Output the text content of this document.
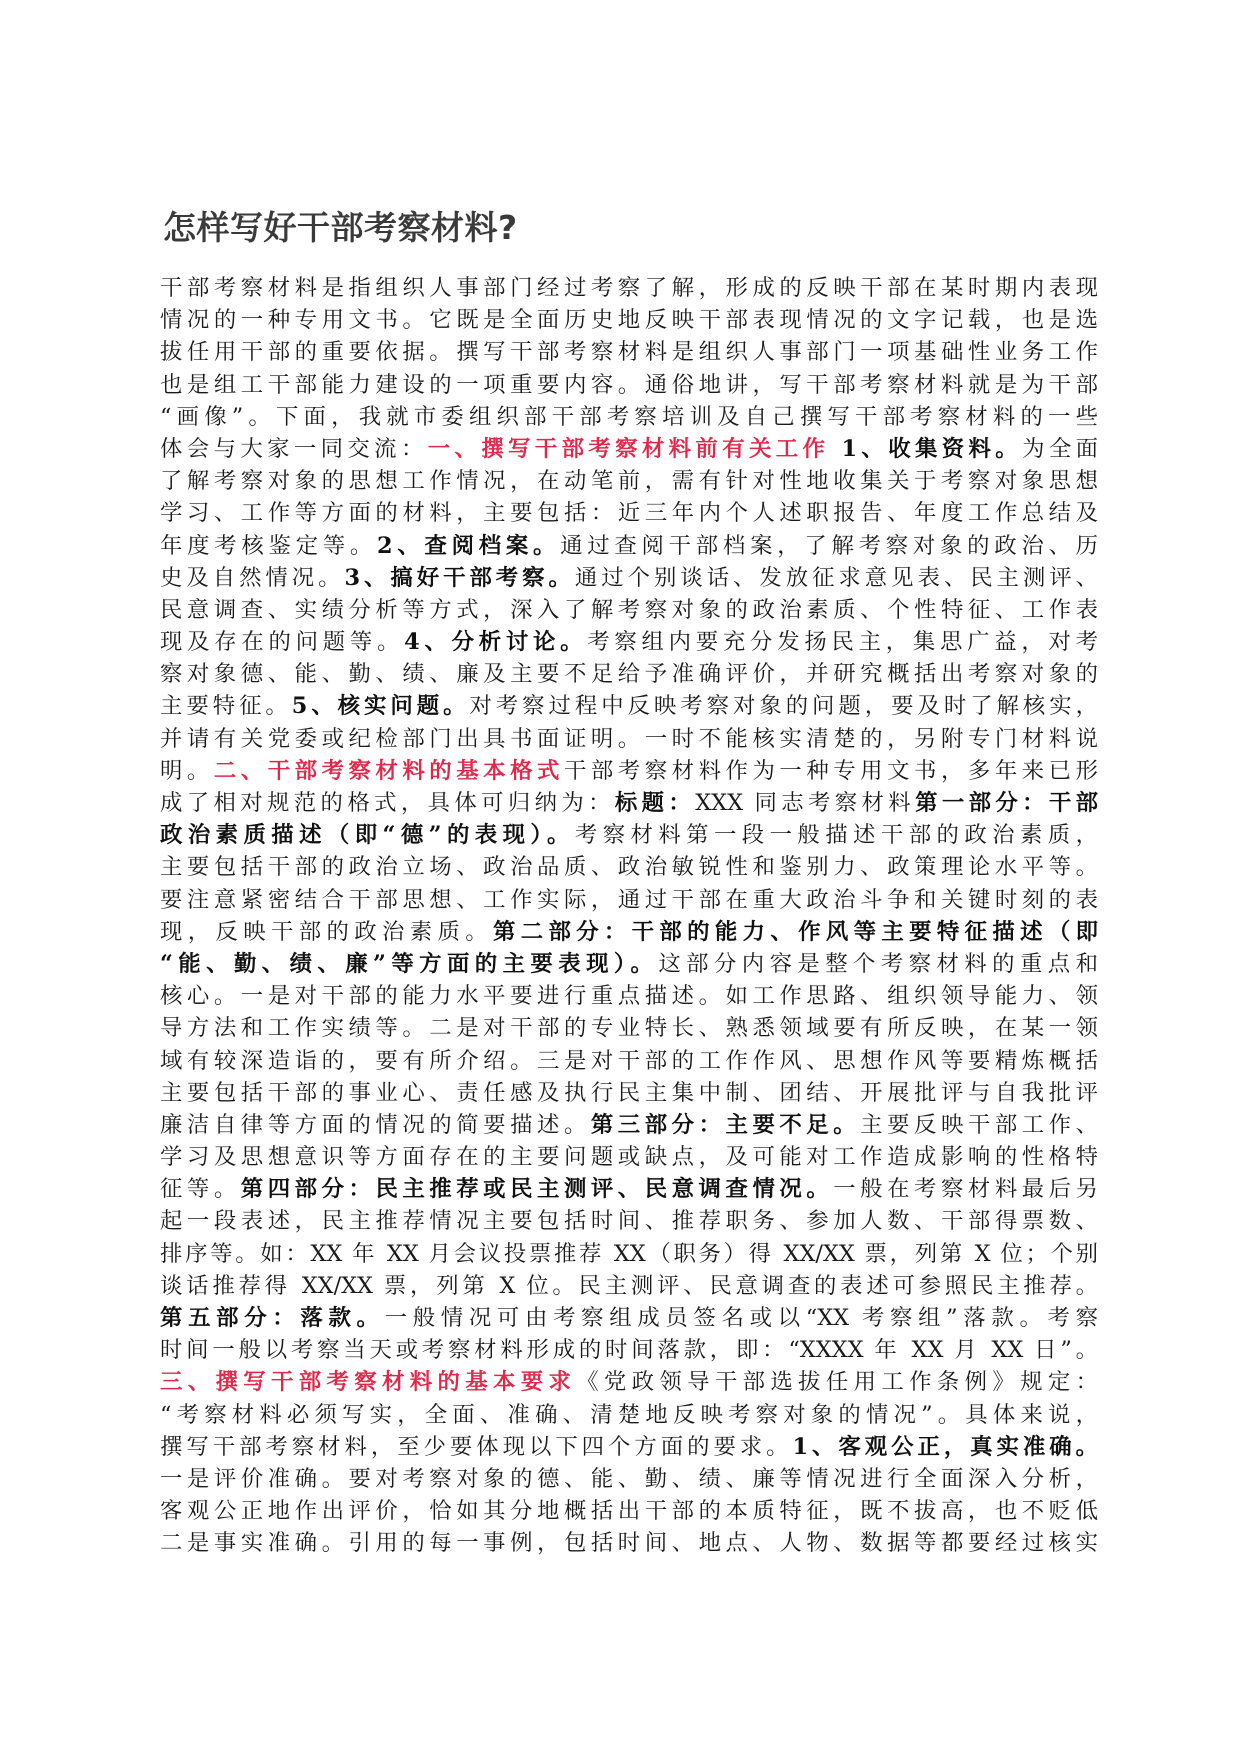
怎样写好干部考察材料?
干部考察材料是指组织人事部门经过考察了解，形成的反映干部在某时期内表现
情况的一种专用文书。它既是全面历史地反映干部表现情况的文字记载，也是选
拔任用干部的重要依据。撰写干部考察材料是组织人事部门一项基础性业务工作
也是组工干部能力建设的一项重要内容。通俗地讲，写干部考察材料就是为干部
“画像”。下面，我就市委组织部干部考察培训及自己撰写干部考察材料的一些
体会与大家一同交流：一、撰写干部考察材料前有关工作 1、收集资料。为全面
了解考察对象的思想工作情况，在动笔前，需有针对性地收集关于考察对象思想
学习、工作等方面的材料，主要包括：近三年内个人述职报告、年度工作总结及
年度考核鉴定等。2、查阅档案。通过查阅干部档案，了解考察对象的政治、历
史及自然情况。3、搞好干部考察。通过个别谈话、发放征求意见表、民主测评、
民意调查、实绩分析等方式，深入了解考察对象的政治素质、个性特征、工作表
现及存在的问题等。4、分析讨论。考察组内要充分发扬民主，集思广益，对考
察对象德、能、勤、绩、廉及主要不足给予准确评价，并研究概括出考察对象的
主要特征。5、核实问题。对考察过程中反映考察对象的问题，要及时了解核实，
并请有关党委或纪检部门出具书面证明。一时不能核实清楚的，另附专门材料说
明。二、干部考察材料的基本格式干部考察材料作为一种专用文书，多年来已形
成了相对规范的格式，具体可归纳为：标题：XXX 同志考察材料第一部分：干部
政治素质描述（即“德”的表现）。考察材料第一段一般描述干部的政治素质，
主要包括干部的政治立场、政治品质、政治敏锐性和鉴别力、政策理论水平等。
要注意紧密结合干部思想、工作实际，通过干部在重大政治斗争和关键时刻的表
现，反映干部的政治素质。第二部分：干部的能力、作风等主要特征描述（即
“能、勤、绩、廉”等方面的主要表现）。这部分内容是整个考察材料的重点和
核心。一是对干部的能力水平要进行重点描述。如工作思路、组织领导能力、领
导方法和工作实绩等。二是对干部的专业特长、熟悉领域要有所反映，在某一领
域有较深造诣的，要有所介绍。三是对干部的工作作风、思想作风等要精炼概括
主要包括干部的事业心、责任感及执行民主集中制、团结、开展批评与自我批评
廉洁自律等方面的情况的简要描述。第三部分：主要不足。主要反映干部工作、
学习及思想意识等方面存在的主要问题或缺点，及可能对工作造成影响的性格特
征等。第四部分：民主推荐或民主测评、民意调查情况。一般在考察材料最后另
起一段表述，民主推荐情况主要包括时间、推荐职务、参加人数、干部得票数、
排序等。如：XX 年 XX 月会议投票推荐 XX（职务）得 XX/XX 票，列第 X 位；个别
谈话推荐得 XX/XX 票，列第 X 位。民主测评、民意调查的表述可参照民主推荐。
第五部分：落款。一般情况可由考察组成员签名或以“XX 考察组”落款。考察
时间一般以考察当天或考察材料形成的时间落款，即：“XXXX 年 XX 月 XX 日”。
三、撰写干部考察材料的基本要求《党政领导干部选拔任用工作条例》规定：
“考察材料必须写实，全面、准确、清楚地反映考察对象的情况”。具体来说，
撰写干部考察材料，至少要体现以下四个方面的要求。1、客观公正，真实准确。
一是评价准确。要对考察对象的德、能、勤、绩、廉等情况进行全面深入分析，
客观公正地作出评价，恰如其分地概括出干部的本质特征，既不拔高，也不贬低
二是事实准确。引用的每一事例，包括时间、地点、人物、数据等都要经过核实
